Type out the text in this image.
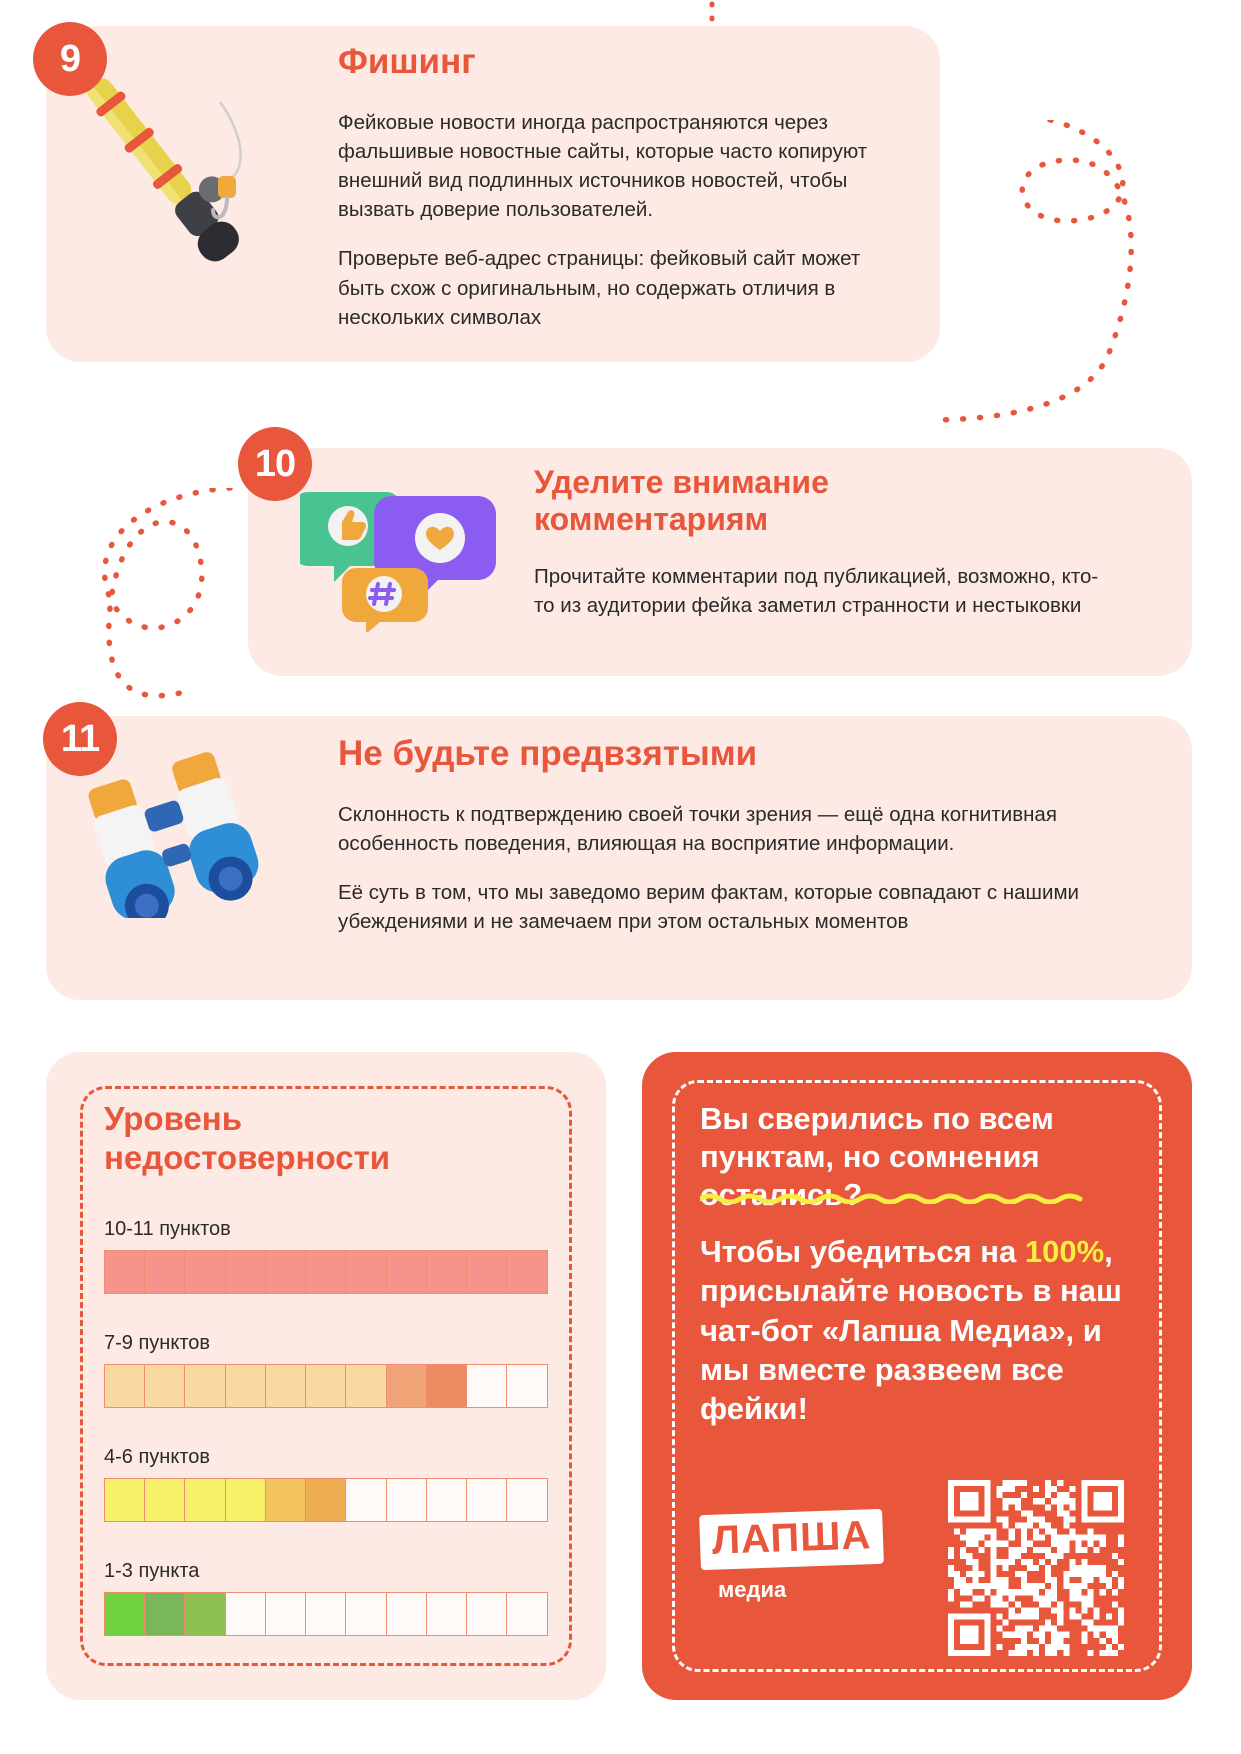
9	Фишинг

Фейковые новости иногда распространяются через фальшивые новостные сайты, которые часто копируют внешний вид подлинных источников новостей, чтобы вызвать доверие пользователей.

Проверьте веб-адрес страницы: фейковый сайт может быть схож с оригинальным, но содержать отличия в нескольких символах

10	Уделите внимание комментариям

Прочитайте комментарии под публикацией, возможно, кто-то из аудитории фейка заметил странности и нестыковки

11	Не будьте предвзятыми

Склонность к подтверждению своей точки зрения — ещё одна когнитивная особенность поведения, влияющая на восприятие информации.

Её суть в том, что мы заведомо верим фактам, которые совпадают с нашими убеждениями и не замечаем при этом остальных моментов

Уровень недостоверности
10-11 пунктов
7-9 пунктов
4-6 пунктов
1-3 пункта
Вы сверились по всем пунктам, но сомнения остались?
Чтобы убедиться на 100%, присылайте новость в наш чат-бот «Лапша Медиа», и мы вместе развеем все фейки!
ЛАПША
медиа
